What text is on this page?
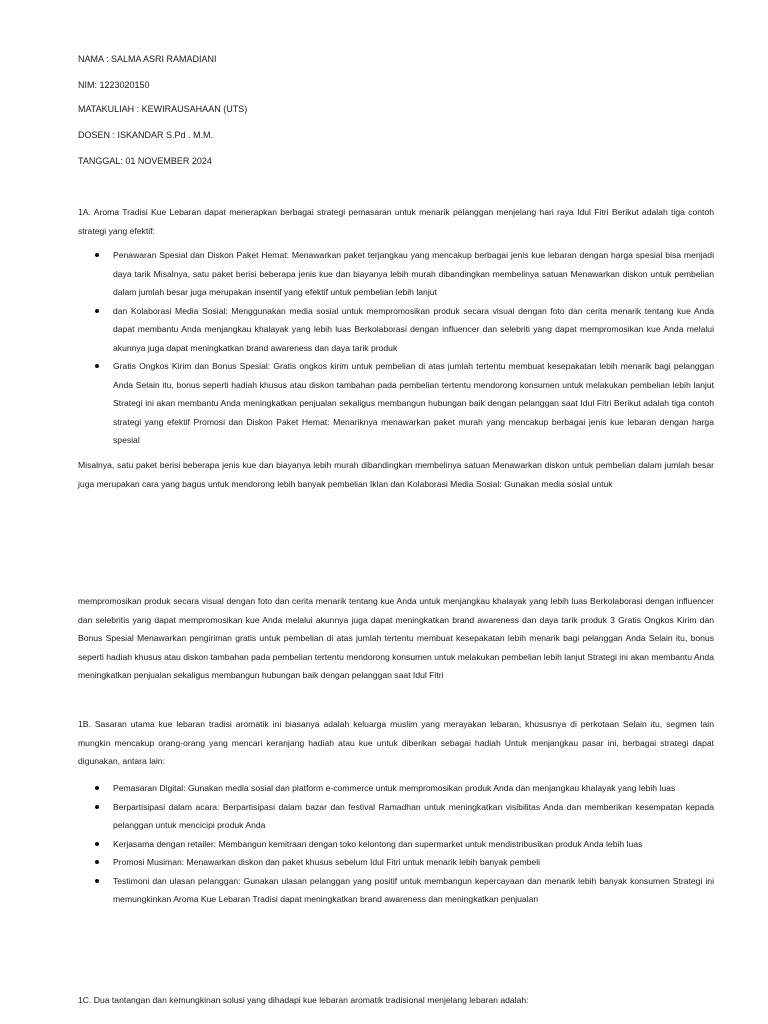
NAMA : SALMA ASRI RAMADIANI

NIM: 1223020150

MATAKULIAH : KEWIRAUSAHAAN (UTS)

DOSEN : ISKANDAR S.Pd . M.M.

TANGGAL: 01 NOVEMBER 2024

1A. Aroma Tradisi Kue Lebaran dapat menerapkan berbagai strategi pemasaran untuk menarik pelanggan menjelang hari raya Idul Fitri Berikut adalah tiga contoh strategi yang efektif:

Penawaran Spesial dan Diskon Paket Hemat: Menawarkan paket terjangkau yang mencakup berbagai jenis kue lebaran dengan harga spesial bisa menjadi daya tarik Misalnya, satu paket berisi beberapa jenis kue dan biayanya lebih murah dibandingkan membelinya satuan Menawarkan diskon untuk pembelian dalam jumlah besar juga merupakan insentif yang efektif untuk pembelian lebih lanjut
dan Kolaborasi Media Sosial: Menggunakan media sosial untuk mempromosikan produk secara visual dengan foto dan cerita menarik tentang kue Anda dapat membantu Anda menjangkau khalayak yang lebih luas Berkolaborasi dengan influencer dan selebriti yang dapat mempromosikan kue Anda melalui akunnya juga dapat meningkatkan brand awareness dan daya tarik produk
Gratis Ongkos Kirim dan Bonus Spesial: Gratis ongkos kirim untuk pembelian di atas jumlah tertentu membuat kesepakatan lebih menarik bagi pelanggan Anda Selain itu, bonus seperti hadiah khusus atau diskon tambahan pada pembelian tertentu mendorong konsumen untuk melakukan pembelian lebih lanjut Strategi ini akan membantu Anda meningkatkan penjualan sekaligus membangun hubungan baik dengan pelanggan saat Idul Fitri Berikut adalah tiga contoh strategi yang efektif Promosi dan Diskon Paket Hemat: Menariknya menawarkan paket murah yang mencakup berbagai jenis kue lebaran dengan harga spesial

Misalnya, satu paket berisi beberapa jenis kue dan biayanya lebih murah dibandingkan membelinya satuan Menawarkan diskon untuk pembelian dalam jumlah besar juga merupakan cara yang bagus untuk mendorong lebih banyak pembelian Iklan dan Kolaborasi Media Sosial: Gunakan media sosial untuk

mempromosikan produk secara visual dengan foto dan cerita menarik tentang kue Anda untuk menjangkau khalayak yang lebih luas Berkolaborasi dengan influencer dan selebritis yang dapat mempromosikan kue Anda melalui akunnya juga dapat meningkatkan brand awareness dan daya tarik produk 3 Gratis Ongkos Kirim dan Bonus Spesial Menawarkan pengiriman gratis untuk pembelian di atas jumlah tertentu membuat kesepakatan lebih menarik bagi pelanggan Anda Selain itu, bonus seperti hadiah khusus atau diskon tambahan pada pembelian tertentu mendorong konsumen untuk melakukan pembelian lebih lanjut Strategi ini akan membantu Anda meningkatkan penjualan sekaligus membangun hubungan baik dengan pelanggan saat Idul Fitri

1B. Sasaran utama kue lebaran tradisi aromatik ini biasanya adalah keluarga muslim yang merayakan lebaran, khususnya di perkotaan Selain itu, segmen lain mungkin mencakup orang-orang yang mencari keranjang hadiah atau kue untuk diberikan sebagai hadiah Untuk menjangkau pasar ini, berbagai strategi dapat digunakan, antara lain:

Pemasaran Digital: Gunakan media sosial dan platform e-commerce untuk mempromosikan produk Anda dan menjangkau khalayak yang lebih luas
Berpartisipasi dalam acara: Berpartisipasi dalam bazar dan festival Ramadhan untuk meningkatkan visibilitas Anda dan memberikan kesempatan kepada pelanggan untuk mencicipi produk Anda
Kerjasama dengan retailer: Membangun kemitraan dengan toko kelontong dan supermarket untuk mendistribusikan produk Anda lebih luas
Promosi Musiman: Menawarkan diskon dan paket khusus sebelum Idul Fitri untuk menarik lebih banyak pembeli
Testimoni dan ulasan pelanggan: Gunakan ulasan pelanggan yang positif untuk membangun kepercayaan dan menarik lebih banyak konsumen Strategi ini memungkinkan Aroma Kue Lebaran Tradisi dapat meningkatkan brand awareness dan meningkatkan penjualan

1C. Dua tantangan dan kemungkinan solusi yang dihadapi kue lebaran aromatik tradisional menjelang lebaran adalah:
